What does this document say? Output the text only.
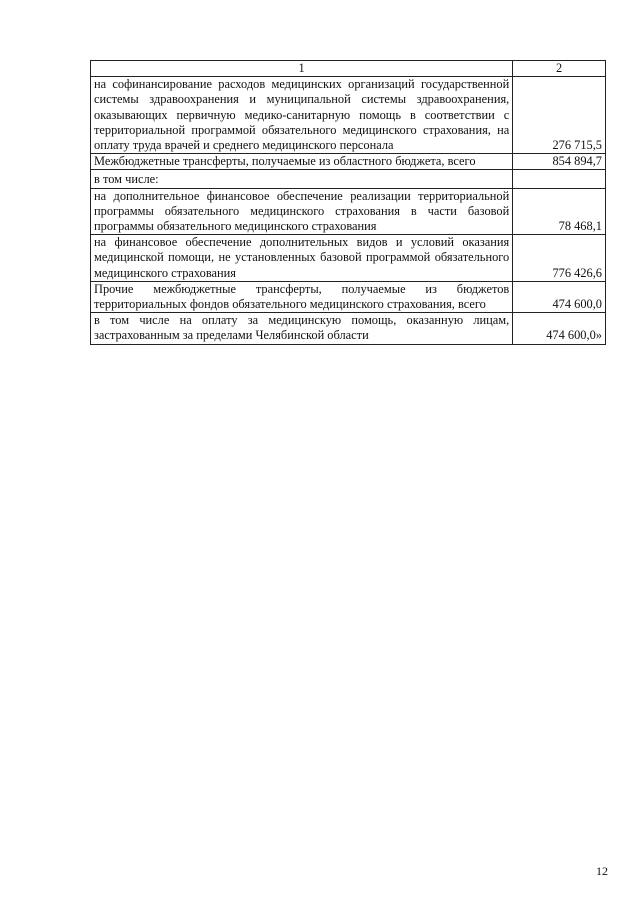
1	2
на софинансирование расходов медицинских организаций государственной системы здравоохранения и муниципальной системы здравоохранения, оказывающих первичную медико-санитарную помощь в соответствии с территориальной программой обязательного медицинского страхования, на оплату труда врачей и среднего медицинского персонала	276 715,5
Межбюджетные трансферты, получаемые из областного бюджета, всего	854 894,7
в том числе:	
на дополнительное финансовое обеспечение реализации территориальной программы обязательного медицинского страхования в части базовой программы обязательного медицинского страхования	78 468,1
на финансовое обеспечение дополнительных видов и условий оказания медицинской помощи, не установленных базовой программой обязательного медицинского страхования	776 426,6
Прочие межбюджетные трансферты, получаемые из бюджетов территориальных фондов обязательного медицинского страхования, всего	474 600,0
в том числе на оплату за медицинскую помощь, оказанную лицам, застрахованным за пределами Челябинской области	474 600,0»
12
